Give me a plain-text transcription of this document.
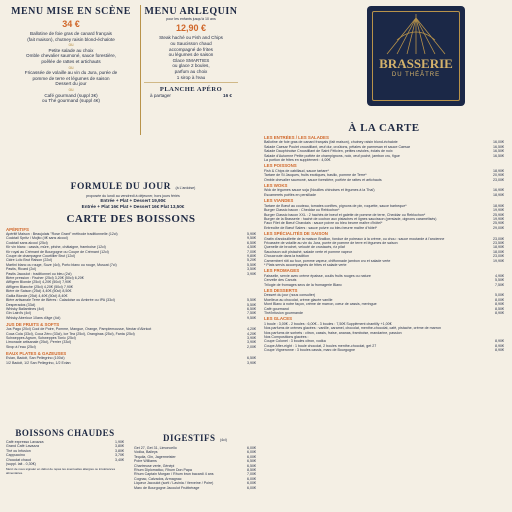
MENU MISE EN SCÈNE
34 €
Ballotine de foie gras de canard français
(fait maison), chutney raisin blond-échalote
ou
Petite salade au choix
Omble chevalier saumoné, sauce forestière,
poêlée de rattes et artichauts
ou
Fricassée de volaille au vin du Jura, purée de
pomme de terre et légumes de saison
Dessert du jour
ou
Café gourmand (suppl 3€)
ou Thé gourmand (suppl 4€)
MENU ARLEQUIN
pour les enfants jusqu'à 10 ans
12,90 €
Steak haché ou Fish and Chips
ou Saucisson chaud
accompagné de frites
ou légumes de saison
Glace SMARTIES
ou glace 2 boules,
parfum au choix
1 sirop à l'eau
PLANCHE APÉRO
à partager	16 €
BRASSERIE
DU THÉÂTRE
FORMULE DU JOUR (à L'ardoise)
proposée du lundi au vendredi à déjeuner, hors jours fériés
Entrée + Plat + Dessert 19,90€
Entrée + Plat 16€ Plat + Dessert 16€ Plat 13,50€
CARTE DES BOISSONS
APÉRITIFS
Apéritif Maison : Beaujolais "Rose Grant" méthode traditionnelle (12cl)	5,90€
Cocktail Spritz / Mojito (4€ sans alcool)	9,50€
Cocktail sans alcool (25cl)	6,50€
Kir vin blanc : cassis, mûre, pêche, châtaigne, framboise (12cl)	4,50€
Kir royal au Crémant de Bourgogne ou Coupe de Crémant (12cl)	7,00€
Coupe de champagne Courtillier Brut (12cl)	9,80€
Cidre Loïc Brut Raison (22cl)	5,20€
Martini blanc ou rouge, Suze (4cl), Porto blanc ou rouge, Muscat (7cl)	5,50€
Pastis, Ricard (2cl)	3,50€
Pastis Jacoulot : traditionnel ou bleu (2cl)	3,90€
Bière pression : Fischer (25cl) 3,20€ (50cl) 6,20€
Affligem Blonde (25cl) 4,20€ (50cl) 7,90€
Affligem Blanche (25cl) 4,20€ (50cl) 7,90€
Bière de Saison (25cl) 4,40€ (50cl) 8,50€
Gallia Blonde (25cl) 4,40€ (50cl) 8,40€
Bière artisanale Terre de Bières : Caladoise ou Ambrée ou IPA (33cl)	5,50€
Desperados (33cl)	5,50€
Whisky Ballantines (4cl)	6,50€
Gin Laird's (4cl)	7,50€
Whisky Aberlour 10ans d'âge (4cl)	9,50€
JUS DE FRUITS & SOFTS
Jus Pago (20cl) Cool de Poire, Pomme, Mangue, Orange, Pamplemousse, Nectar d'Abricot	4,20€
Coca Cola (33cl), Coca Zéro (33cl), Ice Tea (25cl), Oranginas (25cl), Fanta (25cl)	4,20€
Schweppes Agrum, Schweppes Tonic (25cl)	3,90€
Limonade artisanale (25cl), Perrier (33cl)	3,90€
Sirop à l'eau (25cl)	2,00€
EAUX PLATES & GAZEUSES
Evian, Badoit, San Pellegrino (100cl)	6,50€
1/2 Badoit, 1/2 San Pellegrino, 1/2 Evian	3,90€
BOISSONS CHAUDES
Café expresso Lavazza	1,90€
Grand Café Lavazza	3,80€
Thé ou Infusion	3,80€
Cappuccino	3,70€
Chocolat chaud	3,40€
(suppl. lait - 0,30€)
Merci de nous signaler en début de repas les éventuelles allergies ou intolérances alimentaires.
DIGESTIFS (4cl)
Get 27, Get 31, Limoncello	6,00€
Vodka, Baileys	6,00€
Tequila, Gin, Jagermeister	6,00€
Poire Williams	6,50€
Chartreuse verte, Génépi	6,50€
Rhum Diplomatico, Rhum Don Papa	8,50€
Rhum Captain Morgan / Rhum brun bacardi 4 ans	7,00€
Cognac, Calvados, Armagnac	6,00€
Liqueur Jacoulot (sorti / Lavinia / Verveine / Poire)	6,00€
Marc de Bourgogne Jacoulot Fruitbérage	6,00€
À LA CARTE
LES ENTRÉES / LES SALADES
Ballotine de foie gras de canard français (fait maison), chutney raisin blond-échalote	16,00€
Salade Caesar Poulet croustillant, œuf dur, croûtons, pétales de parmesan et sauce Caesar	16,50€
Salade Dauphinoise Croustillant de Saint Félicien, petites ravioles, éclats de noix	16,50€
Salade d'Automne Petite poêlée de champignons, noix, œuf poché, jambon cru, figue	16,50€
La portion de frites en supplément : 4,00€
LES POISSONS
Fish & Chips de cabillaud, sauce tartare*	18,90€
Tartare de St Jacques, fruits exotiques, basilic, pomme de Terre*	20,90€
Omble chevalier saumoné, sauce forestière, poêlée de rattes et artichauts	23,00€
LES WOKS
Wok de légumes sauce soja (Nouilles chinoises et légumes à la Thaï)	16,90€
Escamerets poêlés en persillade	18,90€
LES VIANDES
Tartare de Bœuf au couteau, tomates confites, pignons de pin, roquette, sauce barbeque*	18,90€
Burger Classic bacon : Cheddar ou Reblochon*	19,90€
Burger Classic bacon XXL : 2 hachés de bœuf et galette de pomme de terre, Cheddar ou Reblochon*	25,90€
Burger de la Brasserie : haché de cochon aux pistaches et lignes saucisson (persiade, oignons caramélisés)	19,90€
Faux Filet de Bœuf Charolais : sauce poivre ou bleu beurre maître d'hôtel*	25,90€
Entrecôte de Bœuf Salers : sauce poivre ou bleu beurre maître d'hôtel*	29,00€
LES SPÉCIALITÉS DE SAISON
Gratin d'andouillette de la maison Braillon, fondue de poireaux à la crème, ou chou : sauce moutarde à l'ancienne	23,00€
Fricassée de volaille au vin du Jura, purée de pomme de terre et légumes de saison	23,50€
Quenelle de brochet, velouté de crustacés, riz pilaf	18,90€
Saucisson cuit pistaché, salade verte et pomme vapeur	18,00€
Choucroute dans la tradition	23,00€
Camembert rôti au four, pomme vapeur, chiffonnade jambon cru et salade verte	19,90€
* Plats servis accompagnés de frites et salade verte
LES FROMAGES
Faisselle, servie avec crème épaisse, coulis fruits rouges ou nature	4,90€
Cervelle des Canuts	5,50€
Trilogie de fromages secs de la fromagerie Blanc	7,50€
LES DESSERTS
Dessert du jour (nous consulter)	5,00€
Moelleux au chocolat, crème glacée vanille	8,00€
Mont Blanc à notre façon, crème de marron, cœur de cassis, meringue	8,90€
Café gourmand	8,50€
Thé/Infusion gourmande	8,90€
LES GLACES
1 boule : 3,00€ - 2 boules : 6,00€ - 3 boules : 7,50€ Supplément chantilly +1,00€
Nos parfums de crèmes glacées : vanille, caramel, chocolat, menthe-chocolat, café, pistache, crème de marron
Nos parfums de sorbets : citron, cassis, fraise, ananas, framboise, mandarine, passion
Nos Compositions glacées :
Coupe Colonel : 3 boules citron, vodka	8,90€
Coupe After-eight : 1 boule chocolat, 2 boules menthe-chocolat, get 27	8,90€
Coupe Vigneronne : 3 boules cassis, marc de Bourgogne	8,90€
